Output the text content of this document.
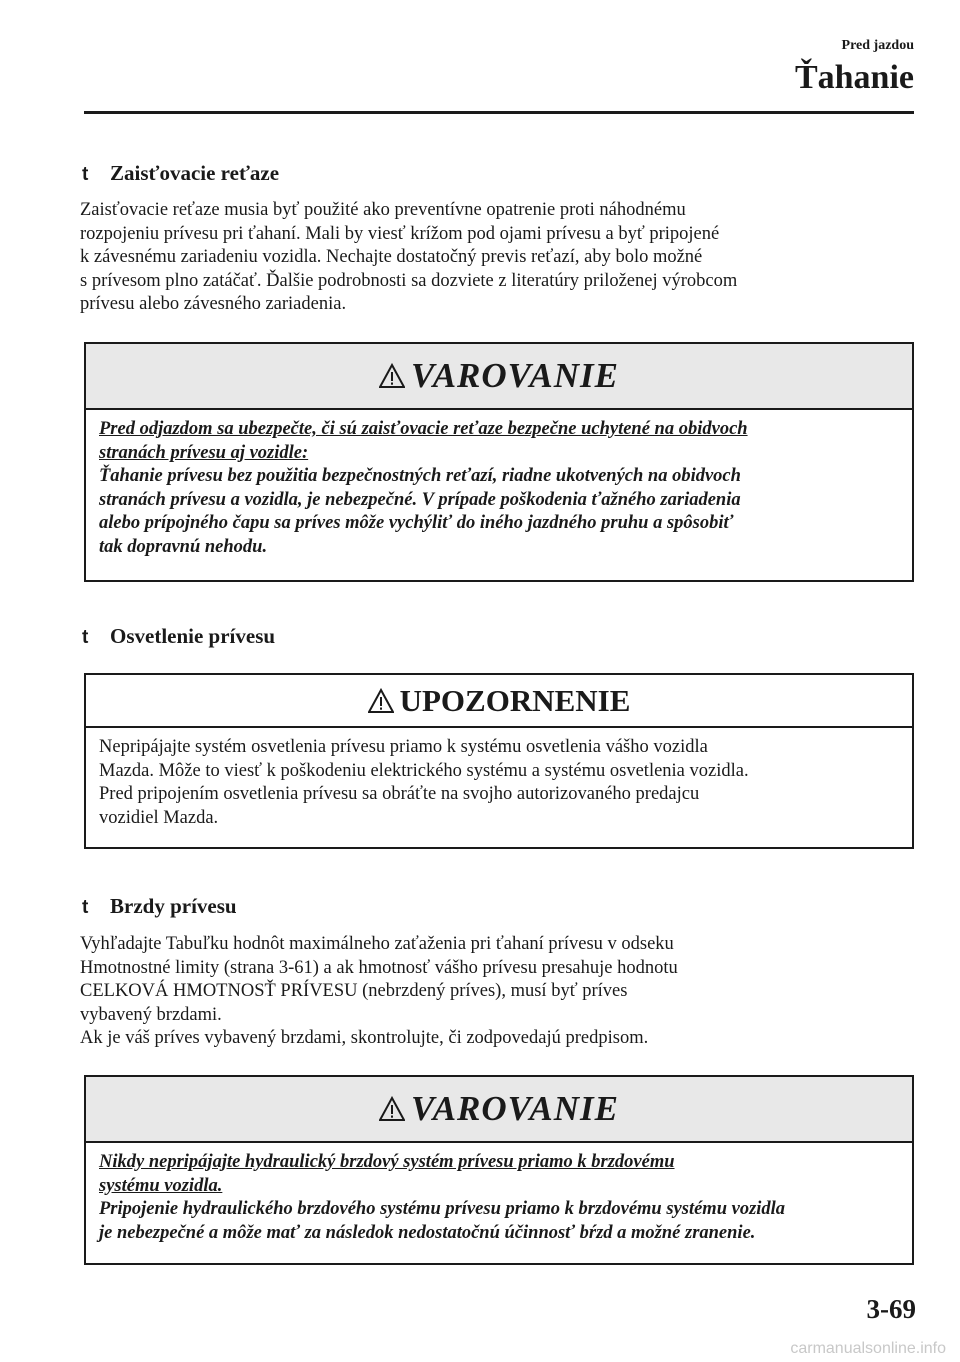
Pred jazdou
Ťahanie
t	Zaisťovacie reťaze

Zaisťovacie reťaze musia byť použité ako preventívne opatrenie proti náhodnému

rozpojeniu prívesu pri ťahaní. Mali by viesť krížom pod ojami prívesu a byť pripojené

k závesnému zariadeniu vozidla. Nechajte dostatočný previs reťazí, aby bolo možné

s prívesom plno zatáčať. Ďalšie podrobnosti sa dozviete z literatúry priloženej výrobcom

prívesu alebo závesného zariadenia.

VAROVANIE

Pred odjazdom sa ubezpečte, či sú zaisťovacie reťaze bezpečne uchytené na obidvoch

stranách prívesu aj vozidle:

Ťahanie prívesu bez použitia bezpečnostných reťazí, riadne ukotvených na obidvoch

stranách prívesu a vozidla, je nebezpečné. V prípade poškodenia ťažného zariadenia

alebo prípojného čapu sa príves môže vychýliť do iného jazdného pruhu a spôsobiť

tak dopravnú nehodu.

t	Osvetlenie prívesu
UPOZORNENIE

Nepripájajte systém osvetlenia prívesu priamo k systému osvetlenia vášho vozidla

Mazda. Môže to viesť k poškodeniu elektrického systému a systému osvetlenia vozidla.

Pred pripojením osvetlenia prívesu sa obráťte na svojho autorizovaného predajcu

vozidiel Mazda.

t	Brzdy prívesu

Vyhľadajte Tabuľku hodnôt maximálneho zaťaženia pri ťahaní prívesu v odseku

Hmotnostné limity (strana 3-61) a ak hmotnosť vášho prívesu presahuje hodnotu

CELKOVÁ HMOTNOSŤ PRÍVESU (nebrzdený príves), musí byť príves

vybavený brzdami.

Ak je váš príves vybavený brzdami, skontrolujte, či zodpovedajú predpisom.

VAROVANIE

Nikdy nepripájajte hydraulický brzdový systém prívesu priamo k brzdovému

systému vozidla.

Pripojenie hydraulického brzdového systému prívesu priamo k brzdovému systému vozidla

je nebezpečné a môže mať za následok nedostatočnú účinnosť bŕzd a možné zranenie.

3-69
carmanualsonline.info
